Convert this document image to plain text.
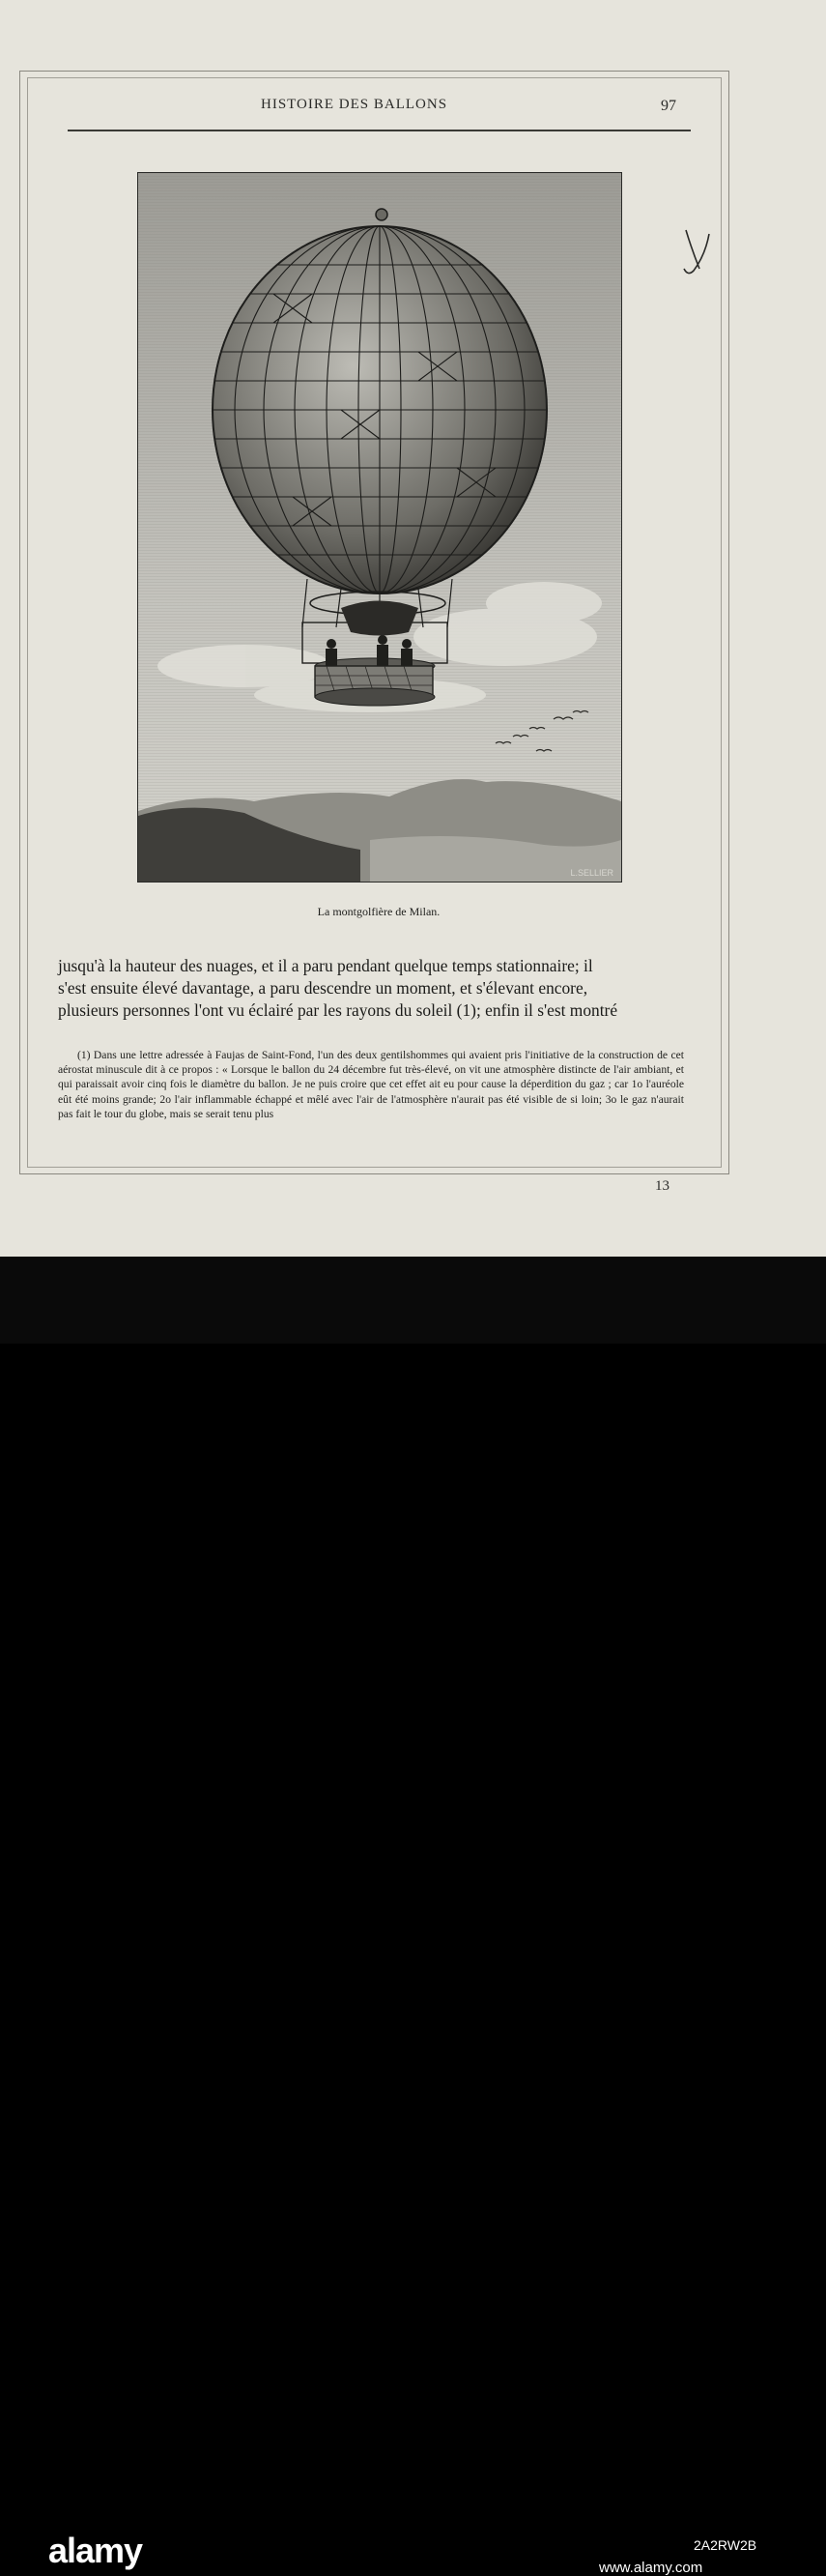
HISTOIRE DES BALLONS	97
L.SELLIER
La montgolfière de Milan.

jusqu'à la hauteur des nuages, et il a paru pendant quelque temps stationnaire; il

s'est ensuite élevé davantage, a paru descendre un moment, et s'élevant encore,

plusieurs personnes l'ont vu éclairé par les rayons du soleil (1); enfin il s'est montré

(1) Dans une lettre adressée à Faujas de Saint-Fond, l'un des deux gentilshommes qui avaient pris l'initiative de la construction de cet aérostat minuscule dit à ce propos : « Lorsque le ballon du 24 décembre fut très-élevé, on vit une atmosphère distincte de l'air ambiant, et qui paraissait avoir cinq fois le diamètre du ballon. Je ne puis croire que cet effet ait eu pour cause la déperdition du gaz ; car 1o l'auréole eût été moins grande; 2o l'air inflammable échappé et mêlé avec l'air de l'atmosphère n'aurait pas été visible de si loin; 3o le gaz n'aurait pas fait le tour du globe, mais se serait tenu plus

13
alamy	2A2RW2B
www.alamy.com
